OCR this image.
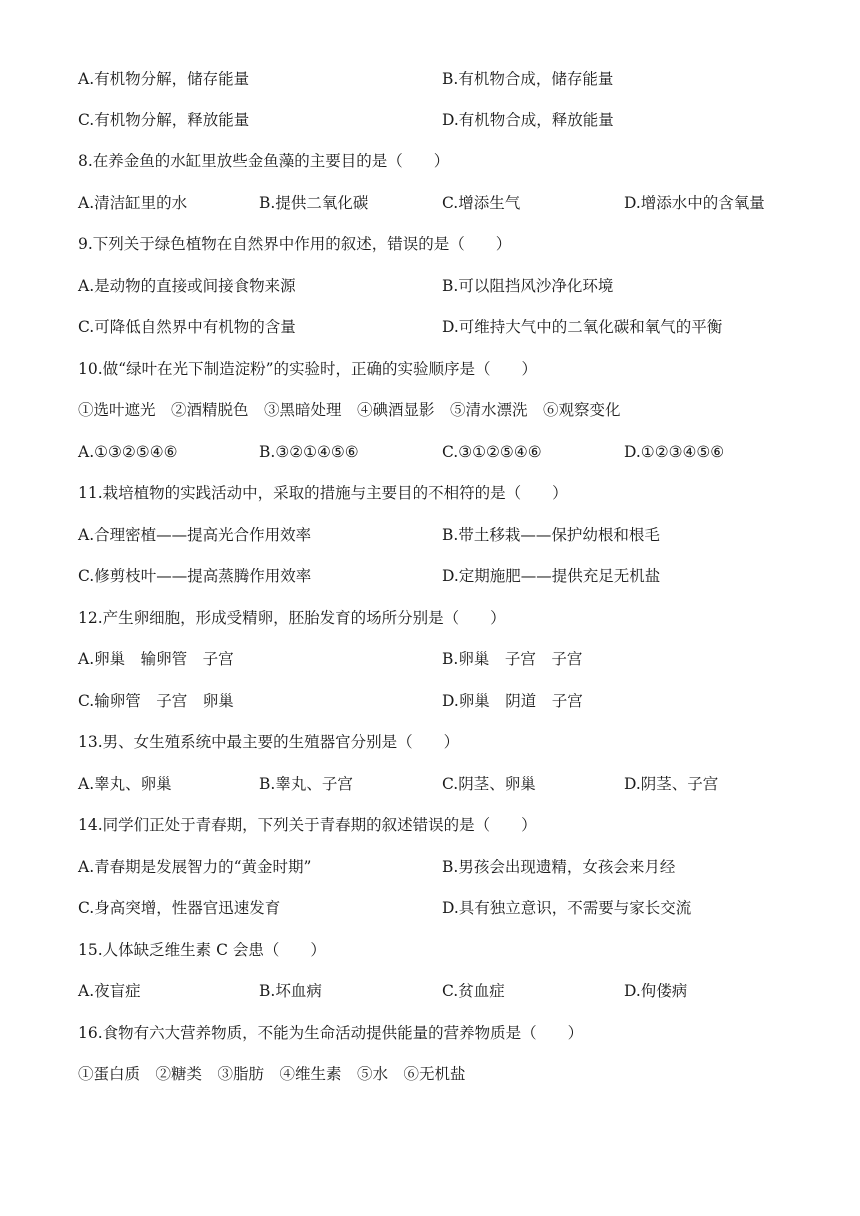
A.有机物分解，储存能量	B.有机物合成，储存能量
C.有机物分解，释放能量	D.有机物合成，释放能量
8.在养金鱼的水缸里放些金鱼藻的主要目的是（　　）
A.清洁缸里的水	B.提供二氧化碳	C.增添生气	D.增添水中的含氧量
9.下列关于绿色植物在自然界中作用的叙述，错误的是（　　）
A.是动物的直接或间接食物来源	B.可以阻挡风沙净化环境
C.可降低自然界中有机物的含量	D.可维持大气中的二氧化碳和氧气的平衡
10.做“绿叶在光下制造淀粉”的实验时，正确的实验顺序是（　　）
①选叶遮光　②酒精脱色　③黑暗处理　④碘酒显影　⑤清水漂洗　⑥观察变化
A.①③②⑤④⑥	B.③②①④⑤⑥	C.③①②⑤④⑥	D.①②③④⑤⑥
11.栽培植物的实践活动中，采取的措施与主要目的不相符的是（　　）
A.合理密植——提高光合作用效率	B.带土移栽——保护幼根和根毛
C.修剪枝叶——提高蒸腾作用效率	D.定期施肥——提供充足无机盐
12.产生卵细胞，形成受精卵，胚胎发育的场所分别是（　　）
A.卵巢　输卵管　子宫	B.卵巢　子宫　子宫
C.输卵管　子宫　卵巢	D.卵巢　阴道　子宫
13.男、女生殖系统中最主要的生殖器官分别是（　　）
A.睾丸、卵巢	B.睾丸、子宫	C.阴茎、卵巢	D.阴茎、子宫
14.同学们正处于青春期，下列关于青春期的叙述错误的是（　　）
A.青春期是发展智力的“黄金时期”	B.男孩会出现遗精，女孩会来月经
C.身高突增，性器官迅速发育	D.具有独立意识，不需要与家长交流
15.人体缺乏维生素 C 会患（　　）
A.夜盲症	B.坏血病	C.贫血症	D.佝偻病
16.食物有六大营养物质，不能为生命活动提供能量的营养物质是（　　）
①蛋白质　②糖类　③脂肪　④维生素　⑤水　⑥无机盐
